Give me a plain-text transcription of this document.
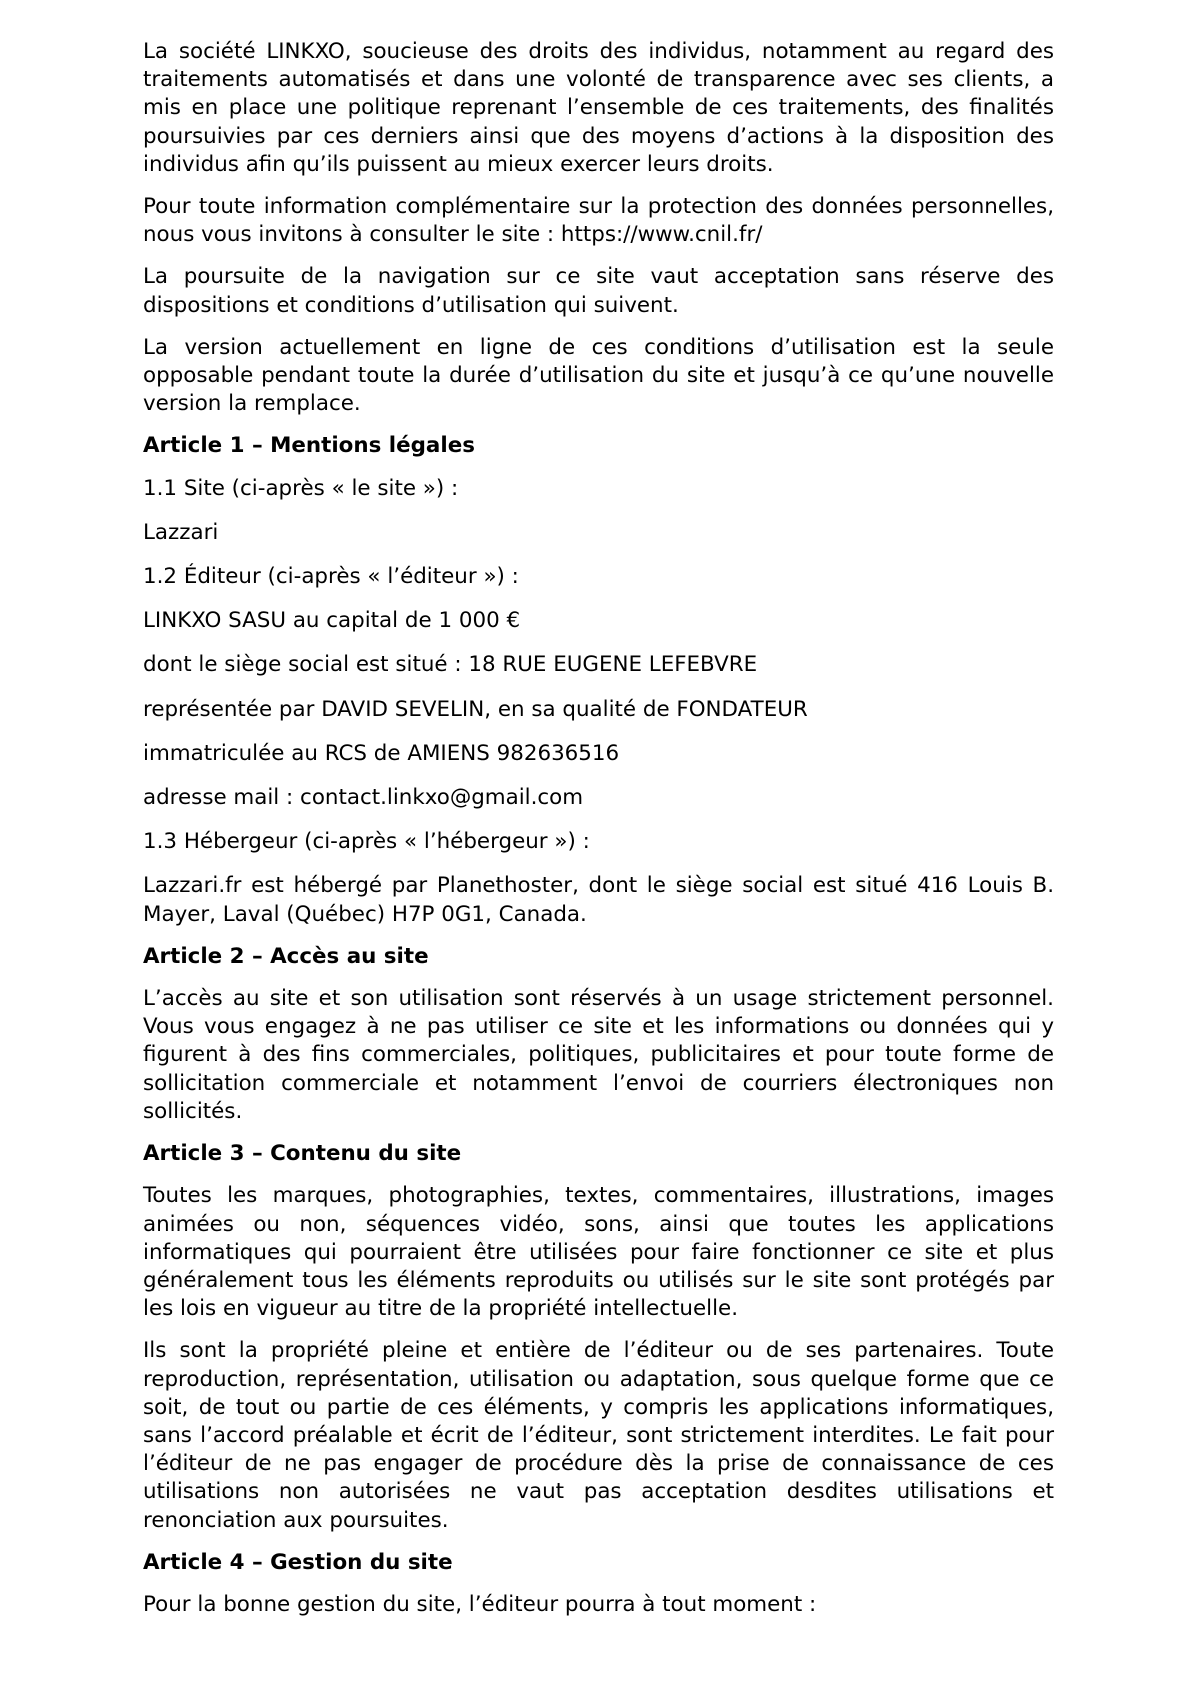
La société LINKXO, soucieuse des droits des individus, notamment au regard des traitements automatisés et dans une volonté de transparence avec ses clients, a mis en place une politique reprenant l’ensemble de ces traitements, des finalités poursuivies par ces derniers ainsi que des moyens d’actions à la disposition des individus afin qu’ils puissent au mieux exercer leurs droits.

Pour toute information complémentaire sur la protection des données personnelles, nous vous invitons à consulter le site : https://www.cnil.fr/

La poursuite de la navigation sur ce site vaut acceptation sans réserve des dispositions et conditions d’utilisation qui suivent.

La version actuellement en ligne de ces conditions d’utilisation est la seule opposable pendant toute la durée d’utilisation du site et jusqu’à ce qu’une nouvelle version la remplace.

Article 1 – Mentions légales

1.1 Site (ci-après « le site ») :

Lazzari

1.2 Éditeur (ci-après « l’éditeur ») :

LINKXO SASU au capital de 1 000 €

dont le siège social est situé : 18 RUE EUGENE LEFEBVRE

représentée par DAVID SEVELIN, en sa qualité de FONDATEUR

immatriculée au RCS de AMIENS 982636516

adresse mail : contact.linkxo@gmail.com

1.3 Hébergeur (ci-après « l’hébergeur ») :

Lazzari.fr est hébergé par Planethoster, dont le siège social est situé 416 Louis B. Mayer, Laval (Québec) H7P 0G1, Canada.

Article 2 – Accès au site

L’accès au site et son utilisation sont réservés à un usage strictement personnel. Vous vous engagez à ne pas utiliser ce site et les informations ou données qui y figurent à des fins commerciales, politiques, publicitaires et pour toute forme de sollicitation commerciale et notamment l’envoi de courriers électroniques non sollicités.

Article 3 – Contenu du site

Toutes les marques, photographies, textes, commentaires, illustrations, images animées ou non, séquences vidéo, sons, ainsi que toutes les applications informatiques qui pourraient être utilisées pour faire fonctionner ce site et plus généralement tous les éléments reproduits ou utilisés sur le site sont protégés par les lois en vigueur au titre de la propriété intellectuelle.

Ils sont la propriété pleine et entière de l’éditeur ou de ses partenaires. Toute reproduction, représentation, utilisation ou adaptation, sous quelque forme que ce soit, de tout ou partie de ces éléments, y compris les applications informatiques, sans l’accord préalable et écrit de l’éditeur, sont strictement interdites. Le fait pour l’éditeur de ne pas engager de procédure dès la prise de connaissance de ces utilisations non autorisées ne vaut pas acceptation desdites utilisations et renonciation aux poursuites.

Article 4 – Gestion du site

Pour la bonne gestion du site, l’éditeur pourra à tout moment :
